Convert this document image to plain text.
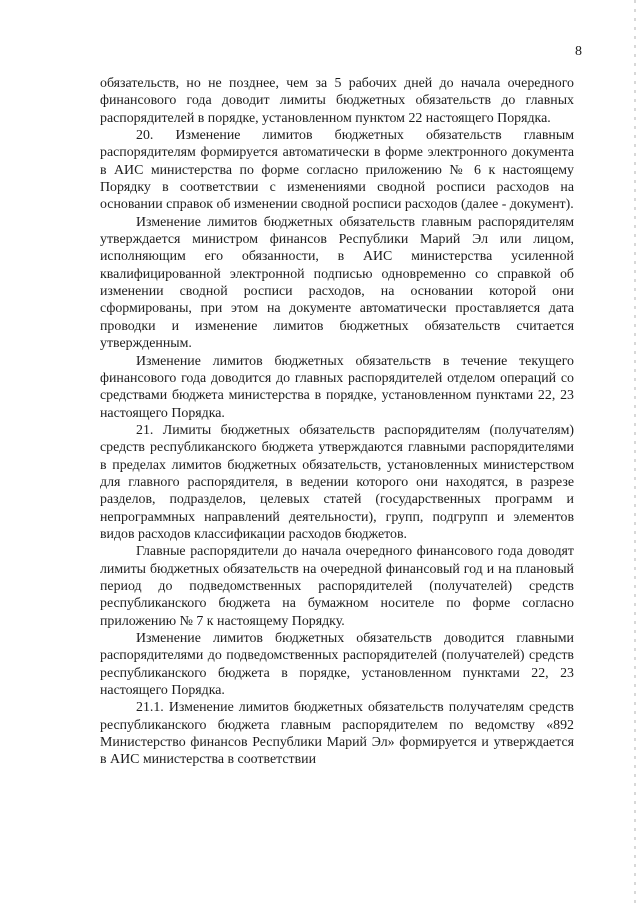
8

обязательств, но не позднее, чем за 5 рабочих дней до начала очередного финансового года доводит лимиты бюджетных обязательств до главных распорядителей в порядке, установленном пунктом 22 настоящего Порядка.

20. Изменение лимитов бюджетных обязательств главным распорядителям формируется автоматически в форме электронного документа в АИС министерства по форме согласно приложению № 6 к настоящему Порядку в соответствии с изменениями сводной росписи расходов на основании справок об изменении сводной росписи расходов (далее - документ).

Изменение лимитов бюджетных обязательств главным распорядителям утверждается министром финансов Республики Марий Эл или лицом, исполняющим его обязанности, в АИС министерства усиленной квалифицированной электронной подписью одновременно со справкой об изменении сводной росписи расходов, на основании которой они сформированы, при этом на документе автоматически проставляется дата проводки и изменение лимитов бюджетных обязательств считается утвержденным.

Изменение лимитов бюджетных обязательств в течение текущего финансового года доводится до главных распорядителей отделом операций со средствами бюджета министерства в порядке, установленном пунктами 22, 23 настоящего Порядка.

21. Лимиты бюджетных обязательств распорядителям (получателям) средств республиканского бюджета утверждаются главными распорядителями в пределах лимитов бюджетных обязательств, установленных министерством для главного распорядителя, в ведении которого они находятся, в разрезе разделов, подразделов, целевых статей (государственных программ и непрограммных направлений деятельности), групп, подгрупп и элементов видов расходов классификации расходов бюджетов.

Главные распорядители до начала очередного финансового года доводят лимиты бюджетных обязательств на очередной финансовый год и на плановый период до подведомственных распорядителей (получателей) средств республиканского бюджета на бумажном носителе по форме согласно приложению № 7 к настоящему Порядку.

Изменение лимитов бюджетных обязательств доводится главными распорядителями до подведомственных распорядителей (получателей) средств республиканского бюджета в порядке, установленном пунктами 22, 23 настоящего Порядка.

21.1. Изменение лимитов бюджетных обязательств получателям средств республиканского бюджета главным распорядителем по ведомству «892 Министерство финансов Республики Марий Эл» формируется и утверждается в АИС министерства в соответствии
